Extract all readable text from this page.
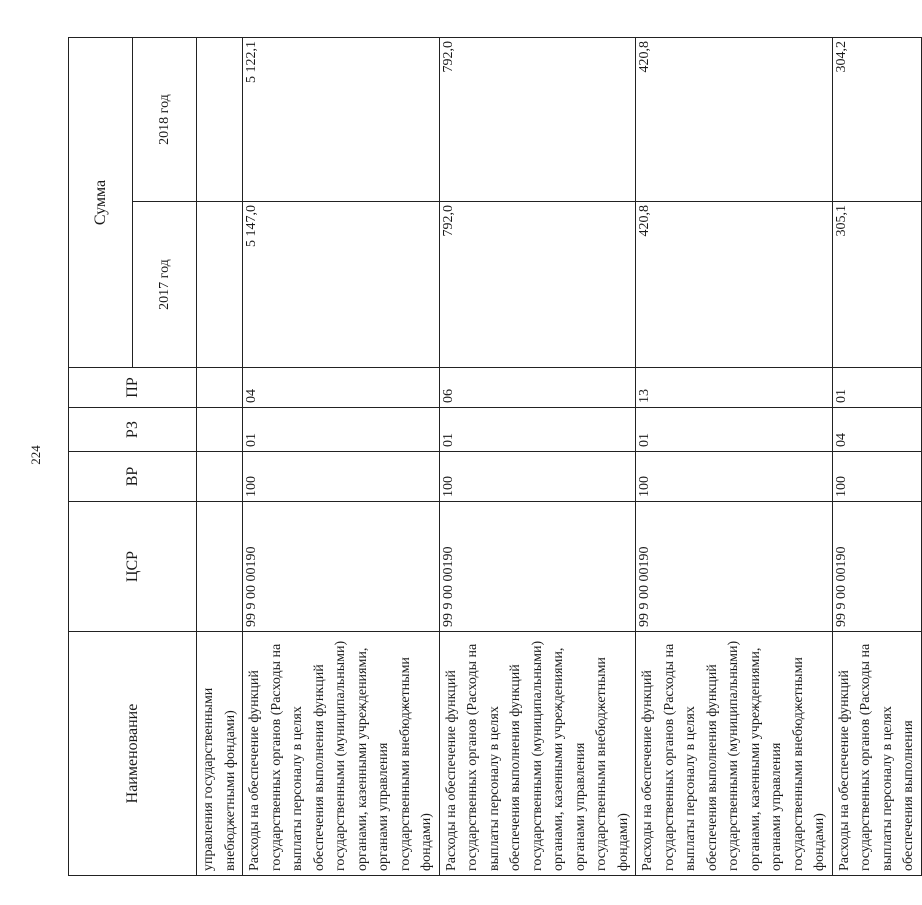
224
Наименование	ЦСР	ВР	РЗ	ПР	Сумма	
					2017 год	2018 год
управления государственными внебюджетными фондами)						
Расходы на обеспечение функций государственных органов (Расходы на выплаты персоналу в целях обеспечения выполнения функций государственными (муниципальными) органами, казенными учреждениями, органами управления государственными внебюджетными фондами)	99 9 00 00190	100	01	04	5 147,0	5 122,1
Расходы на обеспечение функций государственных органов (Расходы на выплаты персоналу в целях обеспечения выполнения функций государственными (муниципальными) органами, казенными учреждениями, органами управления государственными внебюджетными фондами)	99 9 00 00190	100	01	06	792,0	792,0
Расходы на обеспечение функций государственных органов (Расходы на выплаты персоналу в целях обеспечения выполнения функций государственными (муниципальными) органами, казенными учреждениями, органами управления государственными внебюджетными фондами)	99 9 00 00190	100	01	13	420,8	420,8
Расходы на обеспечение функций государственных органов (Расходы на выплаты персоналу в целях обеспечения выполнения	99 9 00 00190	100	04	01	305,1	304,2
